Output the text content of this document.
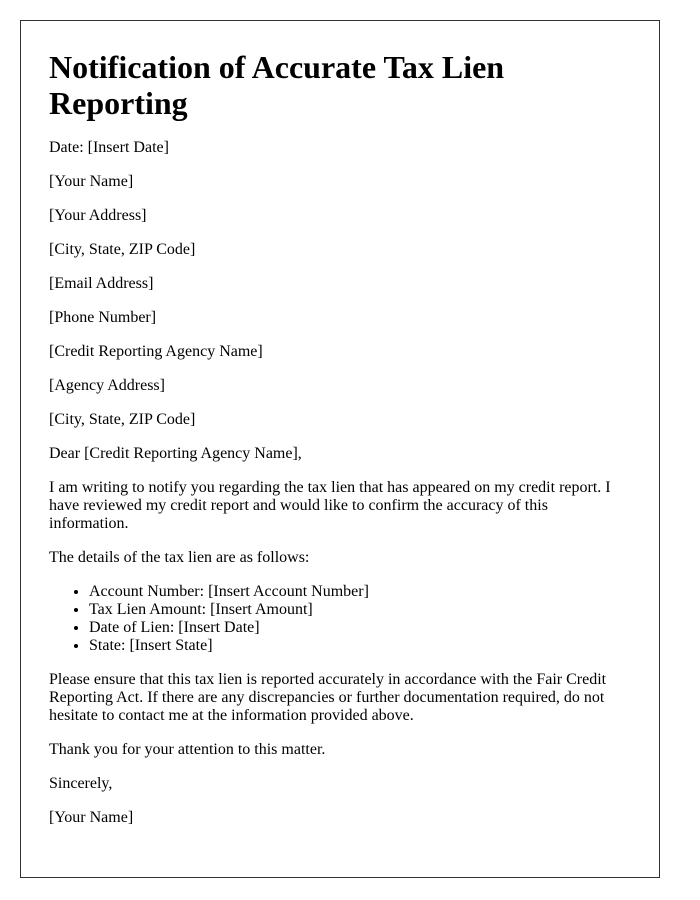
Notification of Accurate Tax Lien Reporting

Date: [Insert Date]

[Your Name]

[Your Address]

[City, State, ZIP Code]

[Email Address]

[Phone Number]

[Credit Reporting Agency Name]

[Agency Address]

[City, State, ZIP Code]

Dear [Credit Reporting Agency Name],

I am writing to notify you regarding the tax lien that has appeared on my credit report. I have reviewed my credit report and would like to confirm the accuracy of this information.

The details of the tax lien are as follows:

• Account Number: [Insert Account Number]
• Tax Lien Amount: [Insert Amount]
• Date of Lien: [Insert Date]
• State: [Insert State]

Please ensure that this tax lien is reported accurately in accordance with the Fair Credit Reporting Act. If there are any discrepancies or further documentation required, do not hesitate to contact me at the information provided above.

Thank you for your attention to this matter.

Sincerely,

[Your Name]
